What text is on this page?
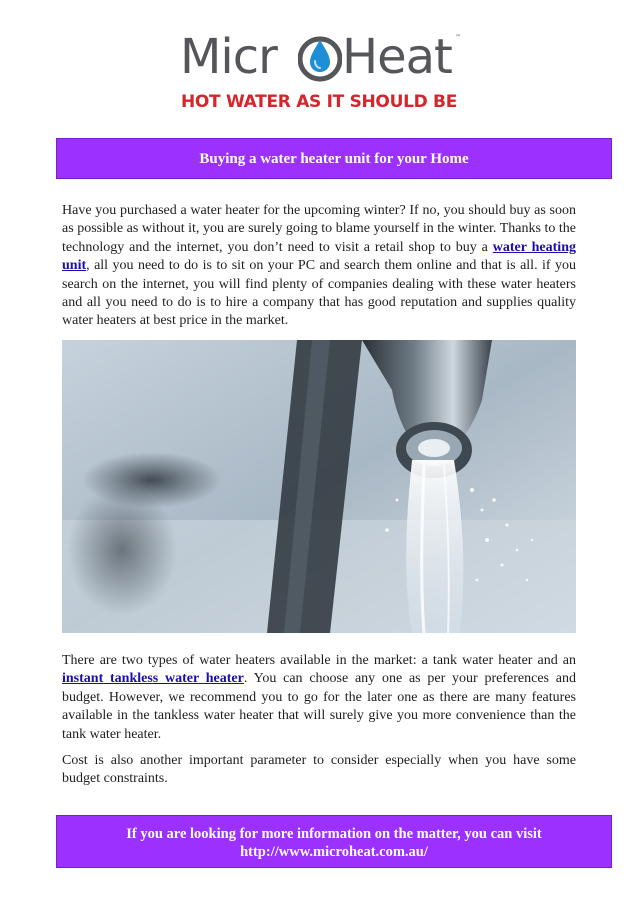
Micr Heat ™
HOT WATER AS IT SHOULD BE
Buying a water heater unit for your Home

Have you purchased a water heater for the upcoming winter? If no, you should buy as soon as possible as without it, you are surely going to blame yourself in the winter. Thanks to the technology and the internet, you don’t need to visit a retail shop to buy a water heating unit, all you need to do is to sit on your PC and search them online and that is all. if you search on the internet, you will find plenty of companies dealing with these water heaters and all you need to do is to hire a company that has good reputation and supplies quality water heaters at best price in the market.

There are two types of water heaters available in the market: a tank water heater and an instant tankless water heater. You can choose any one as per your preferences and budget. However, we recommend you to go for the later one as there are many features available in the tankless water heater that will surely give you more convenience than the tank water heater.

Cost is also another important parameter to consider especially when you have some budget constraints.

If you are looking for more information on the matter, you can visit
http://www.microheat.com.au/
